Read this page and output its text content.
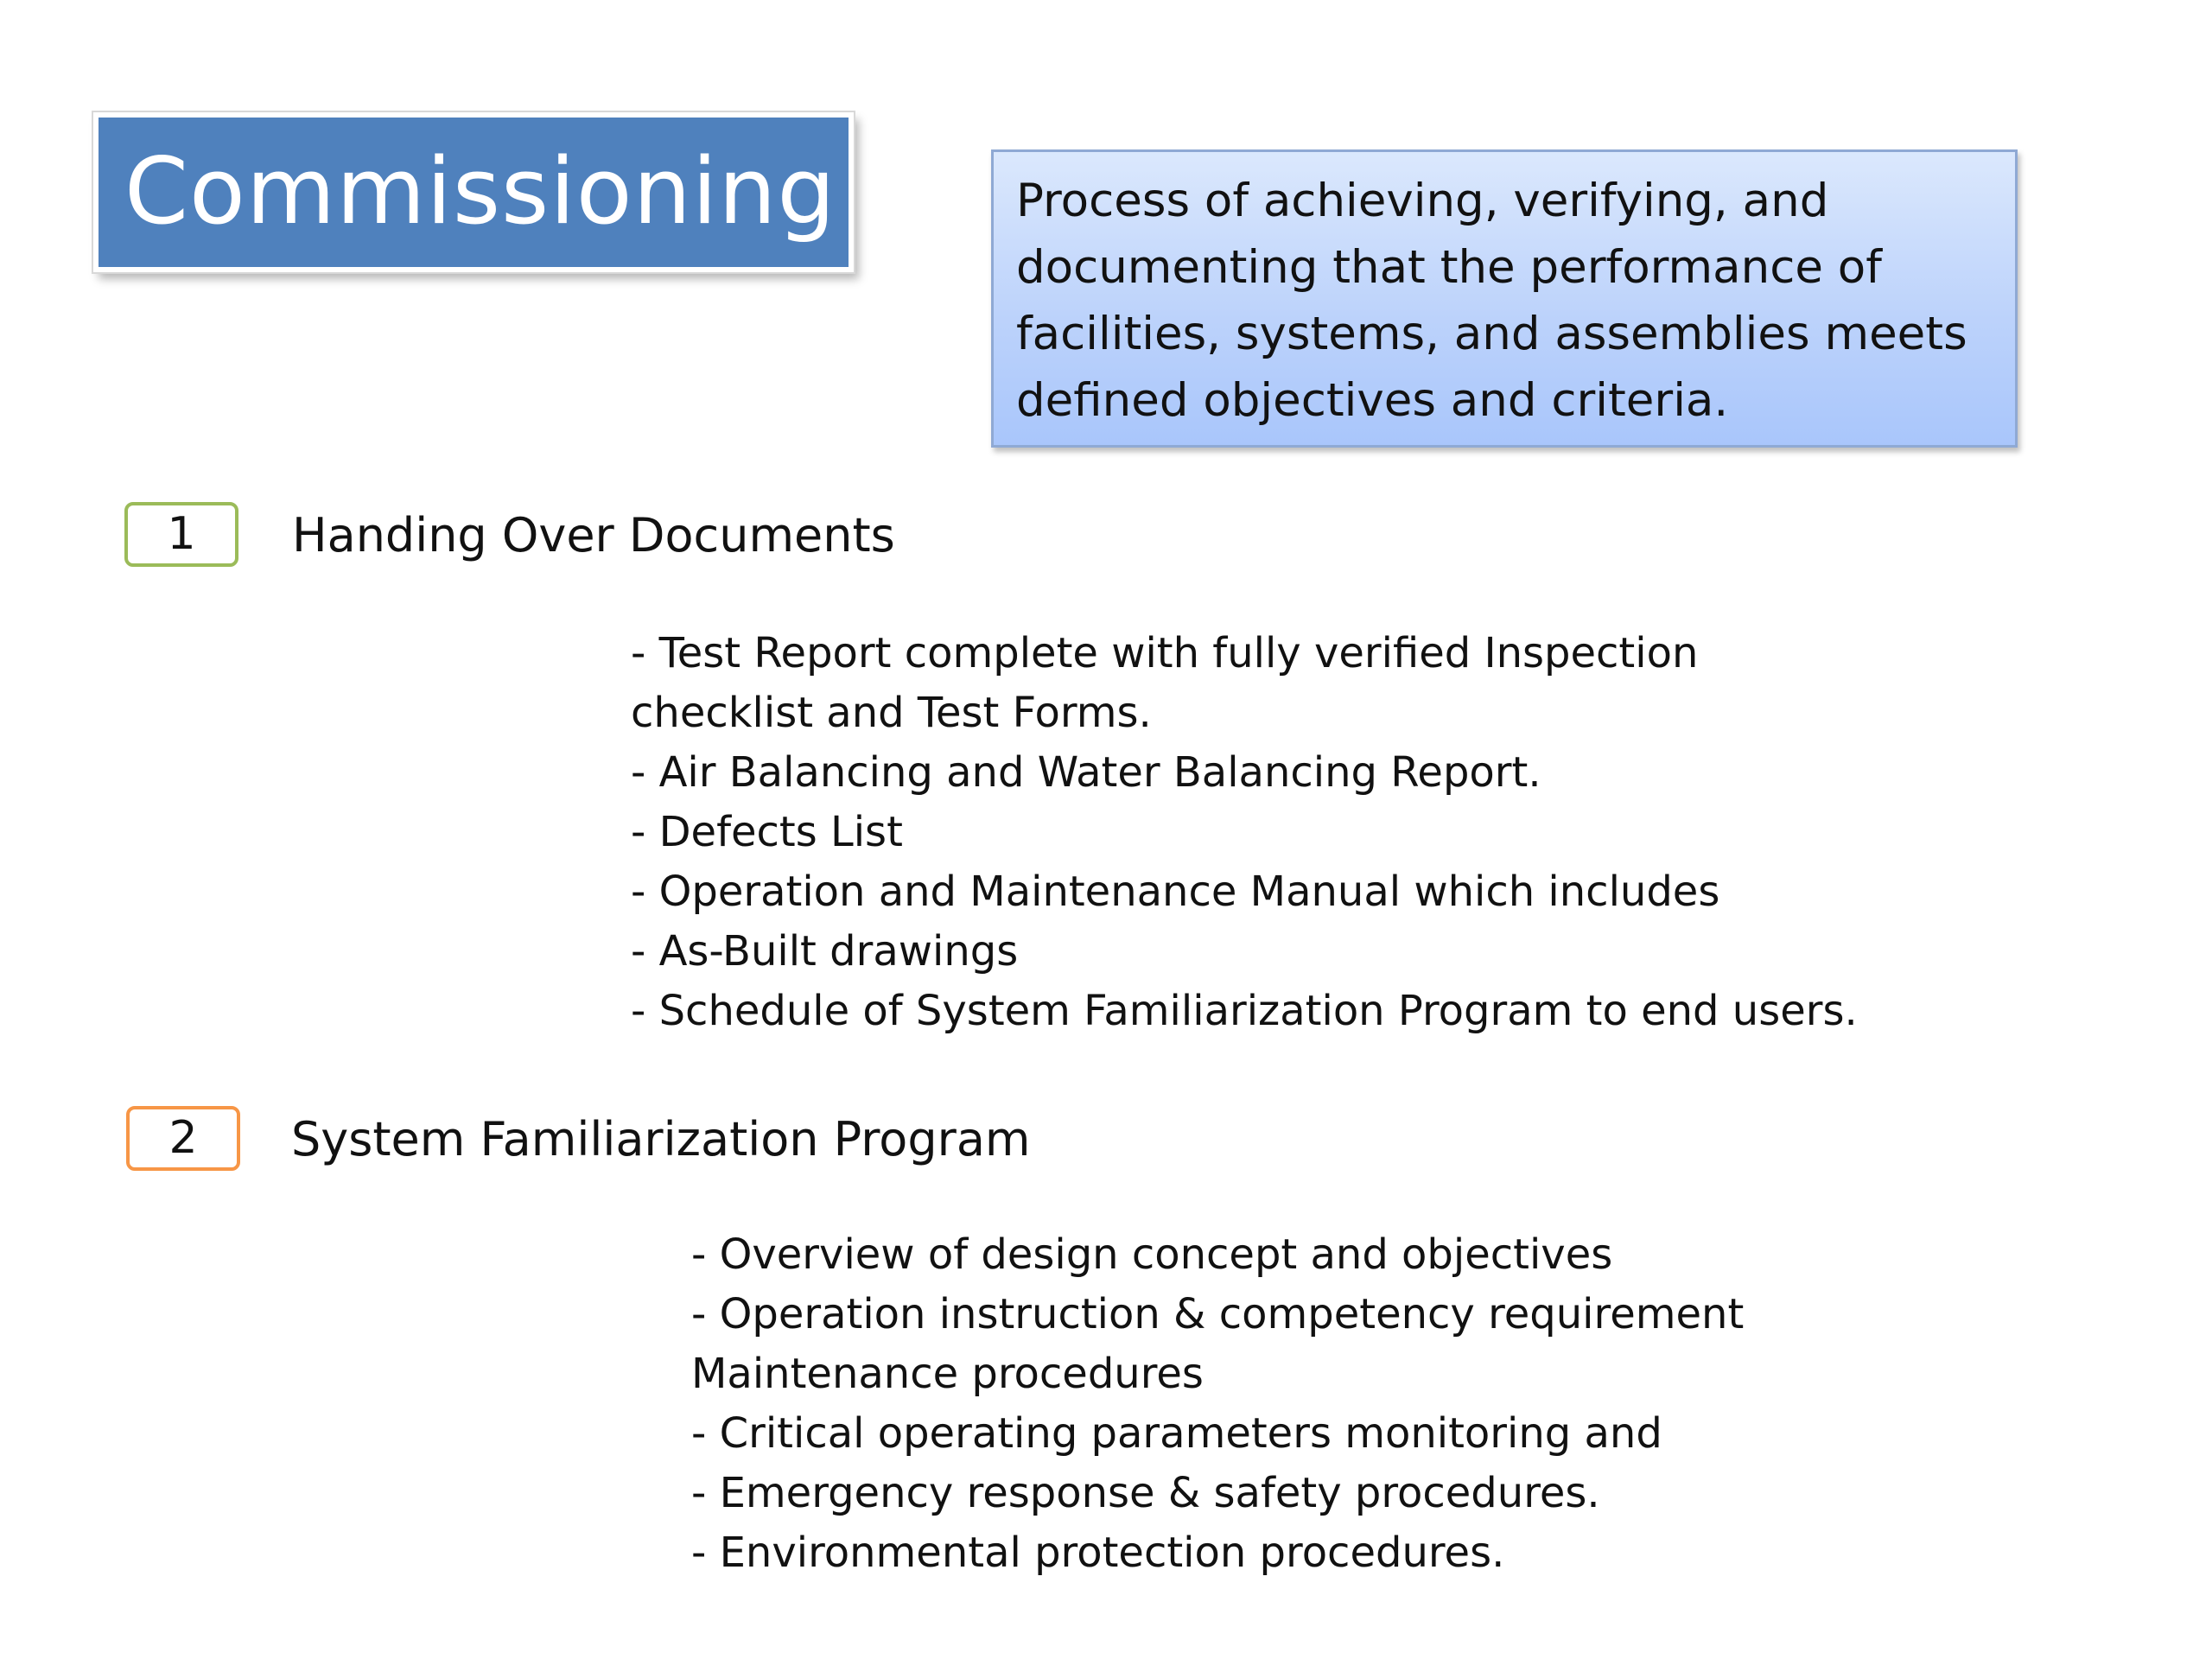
Commissioning	Process of achieving, verifying, and documenting that the performance of facilities, systems, and assemblies meets defined objectives and criteria.
1	Handing Over Documents
- Test Report complete with fully verified Inspection
checklist and Test Forms.
- Air Balancing and Water Balancing Report.
- Defects List
- Operation and Maintenance Manual which includes
- As-Built drawings
- Schedule of System Familiarization Program to end users.
2	System Familiarization Program
- Overview of design concept and objectives
- Operation instruction & competency requirement
Maintenance procedures
- Critical operating parameters monitoring and
- Emergency response & safety procedures.
- Environmental protection procedures.
